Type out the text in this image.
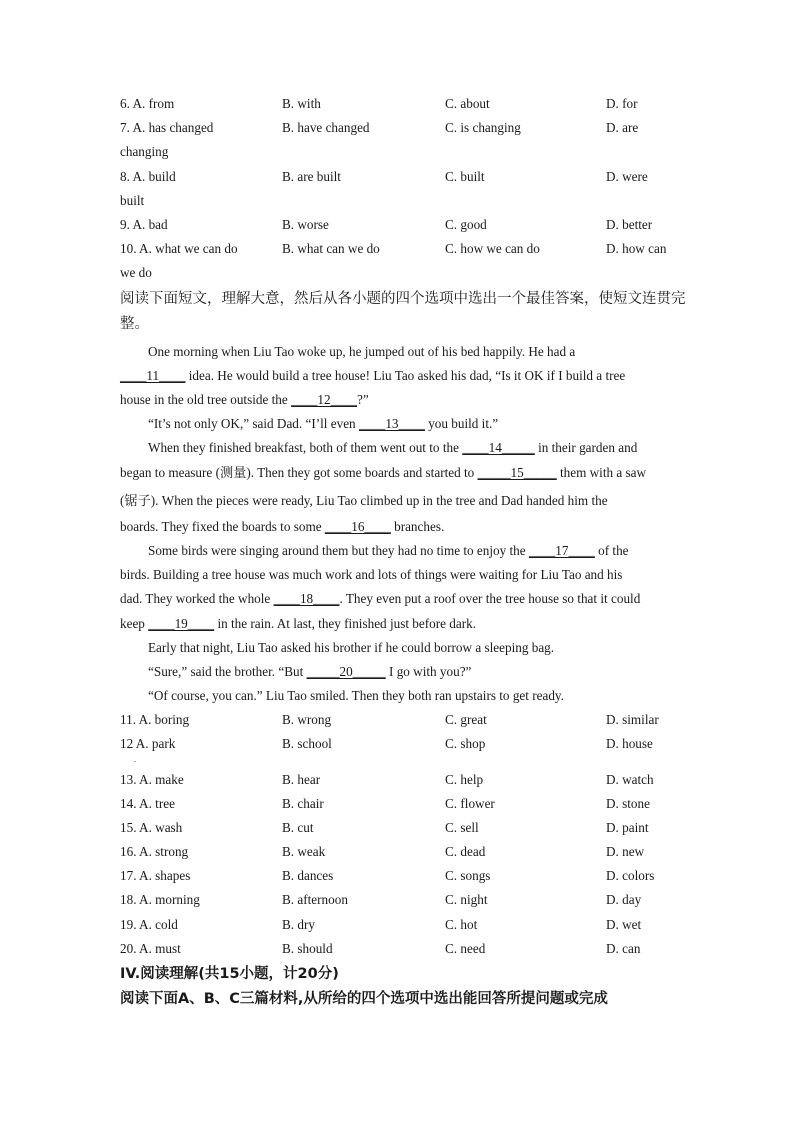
6. A. from	B. with	C. about	D. for
7. A. has changed	B. have changed	C. is changing	D. are
changing
8. A. build	B. are built	C. built	D. were
built
9. A. bad	B. worse	C. good	D. better
10. A. what we can do	B. what can we do	C. how we can do	D. how can
we do
阅读下面短文，理解大意，然后从各小题的四个选项中选出一个最佳答案，使短文连贯完
整。
One morning when Liu Tao woke up, he jumped out of his bed happily. He had a
____11____ idea. He would build a tree house! Liu Tao asked his dad, “Is it OK if I build a tree
house in the old tree outside the ____12____?”
“It’s not only OK,” said Dad. “I’ll even ____13____ you build it.”
When they finished breakfast, both of them went out to the ____14_____ in their garden and
began to measure (测量). Then they got some boards and started to _____15_____ them with a saw
(锯子). When the pieces were ready, Liu Tao climbed up in the tree and Dad handed him the
boards. They fixed the boards to some ____16____ branches.
Some birds were singing around them but they had no time to enjoy the ____17____ of the
birds. Building a tree house was much work and lots of things were waiting for Liu Tao and his
dad. They worked the whole ____18____. They even put a roof over the tree house so that it could
keep ____19____ in the rain. At last, they finished just before dark.
Early that night, Liu Tao asked his brother if he could borrow a sleeping bag.
“Sure,” said the brother. “But _____20_____ I go with you?”
“Of course, you can.” Liu Tao smiled. Then they both ran upstairs to get ready.
11. A. boring	B. wrong	C. great	D. similar
12 A. park	B. school	C. shop	D. house
.
13. A. make	B. hear	C. help	D. watch
14. A. tree	B. chair	C. flower	D. stone
15. A. wash	B. cut	C. sell	D. paint
16. A. strong	B. weak	C. dead	D. new
17. A. shapes	B. dances	C. songs	D. colors
18. A. morning	B. afternoon	C. night	D. day
19. A. cold	B. dry	C. hot	D. wet
20. A. must	B. should	C. need	D. can
IV.阅读理解(共15小题，计20分)
阅读下面A、B、C三篇材料,从所给的四个选项中选出能回答所提问题或完成
